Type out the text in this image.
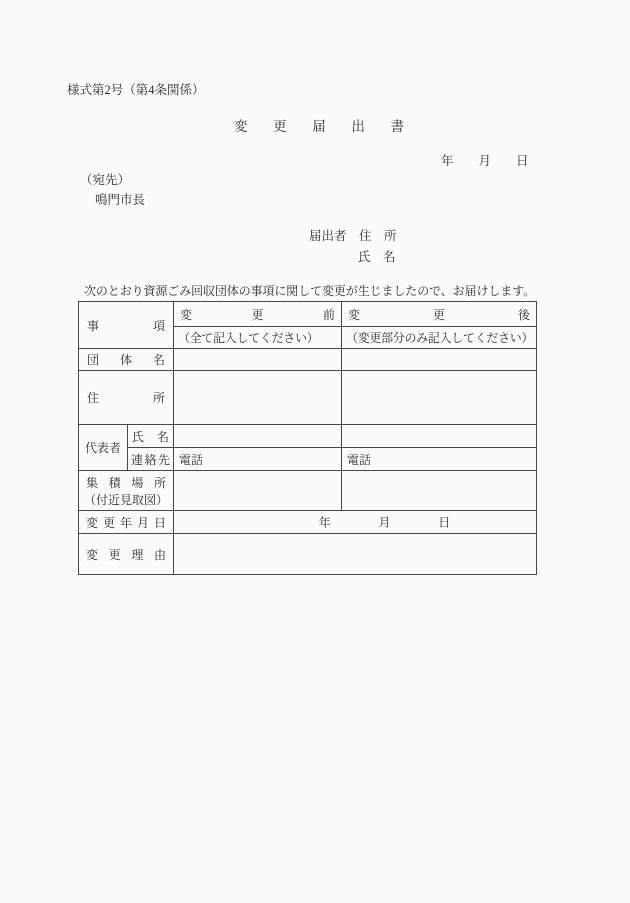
様式第2号（第4条関係）
変 更 届 出 書
年　　月　　日
（宛先）
鳴門市長
届出者　住　所
氏　名
次のとおり資源ごみ回収団体の事項に関して変更が生じましたので、お届けします。
事 項		変 更 前	変 更 後

		（全て記入してください）	（変更部分のみ記入してください）

団 体 名			

住 所			

代 表 者	氏 名		

	連 絡 先	電話	電話

集 積 場 所
（付近見取図）			

変 更 年 月 日		年 月 日	

変 更 理 由			
